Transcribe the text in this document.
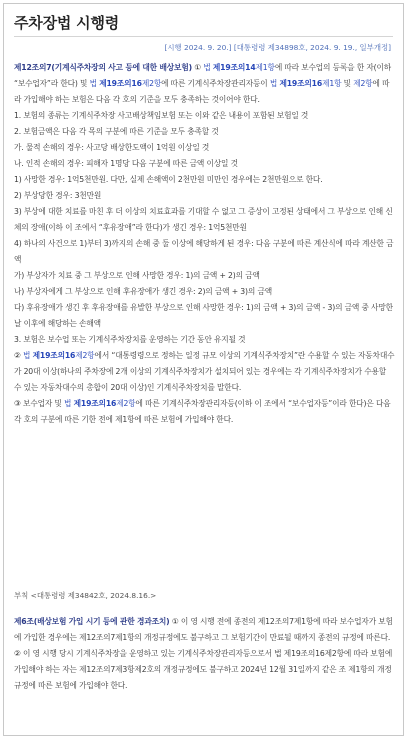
주차장법 시행령
[시행 2024. 9. 20.] [대통령령 제34898호, 2024. 9. 19., 일부개정]
제12조의7(기계식주차장의 사고 등에 대한 배상보험) ① 법 제19조의14제1항에 따라 보수업의 등록을 한 자(이하 “보수업자”라 한다) 및 법 제19조의16제2항에 따른 기계식주차장관리자등이 법 제19조의16제1항 및 제2항에 따라 가입해야 하는 보험은 다음 각 호의 기준을 모두 충족하는 것이어야 한다.
1. 보험의 종류는 기계식주차장 사고배상책임보험 또는 이와 같은 내용이 포함된 보험일 것
2. 보험금액은 다음 각 목의 구분에 따른 기준을 모두 충족할 것
가. 물적 손해의 경우: 사고당 배상한도액이 1억원 이상일 것
나. 인적 손해의 경우: 피해자 1명당 다음 구분에 따른 금액 이상일 것
1) 사망한 경우: 1억5천만원. 다만, 실제 손해액이 2천만원 미만인 경우에는 2천만원으로 한다.
2) 부상당한 경우: 3천만원
3) 부상에 대한 치료를 마친 후 더 이상의 치료효과를 기대할 수 없고 그 증상이 고정된 상태에서 그 부상으로 인해 신체의 장애(이하 이 조에서 “후유장애”라 한다)가 생긴 경우: 1억5천만원
4) 하나의 사건으로 1)부터 3)까지의 손해 중 둘 이상에 해당하게 된 경우: 다음 구분에 따른 계산식에 따라 계산한 금액
가) 부상자가 치료 중 그 부상으로 인해 사망한 경우: 1)의 금액 + 2)의 금액
나) 부상자에게 그 부상으로 인해 후유장애가 생긴 경우: 2)의 금액 + 3)의 금액
다) 후유장애가 생긴 후 후유장애를 유발한 부상으로 인해 사망한 경우: 1)의 금액 + 3)의 금액 - 3)의 금액 중 사망한 날 이후에 해당하는 손해액
3. 보험은 보수업 또는 기계식주차장치를 운영하는 기간 동안 유지될 것
② 법 제19조의16제2항에서 “대통령령으로 정하는 일정 규모 이상의 기계식주차장치”란 수용할 수 있는 자동차대수가 20대 이상(하나의 주차장에 2개 이상의 기계식주차장치가 설치되어 있는 경우에는 각 기계식주차장치가 수용할 수 있는 자동차대수의 총합이 20대 이상)인 기계식주차장치를 말한다.
③ 보수업자 및 법 제19조의16제2항에 따른 기계식주차장관리자등(이하 이 조에서 “보수업자등”이라 한다)은 다음 각 호의 구분에 따른 기한 전에 제1항에 따른 보험에 가입해야 한다.
부칙 <대통령령 제34842호, 2024.8.16.>
제6조(배상보험 가입 시기 등에 관한 경과조치) ① 이 영 시행 전에 종전의 제12조의7제1항에 따라 보수업자가 보험에 가입한 경우에는 제12조의7제1항의 개정규정에도 불구하고 그 보험기간이 만료될 때까지 종전의 규정에 따른다.
② 이 영 시행 당시 기계식주차장을 운영하고 있는 기계식주차장관리자등으로서 법 제19조의16제2항에 따라 보험에 가입해야 하는 자는 제12조의7제3항제2호의 개정규정에도 불구하고 2024년 12월 31일까지 같은 조 제1항의 개정규정에 따른 보험에 가입해야 한다.
